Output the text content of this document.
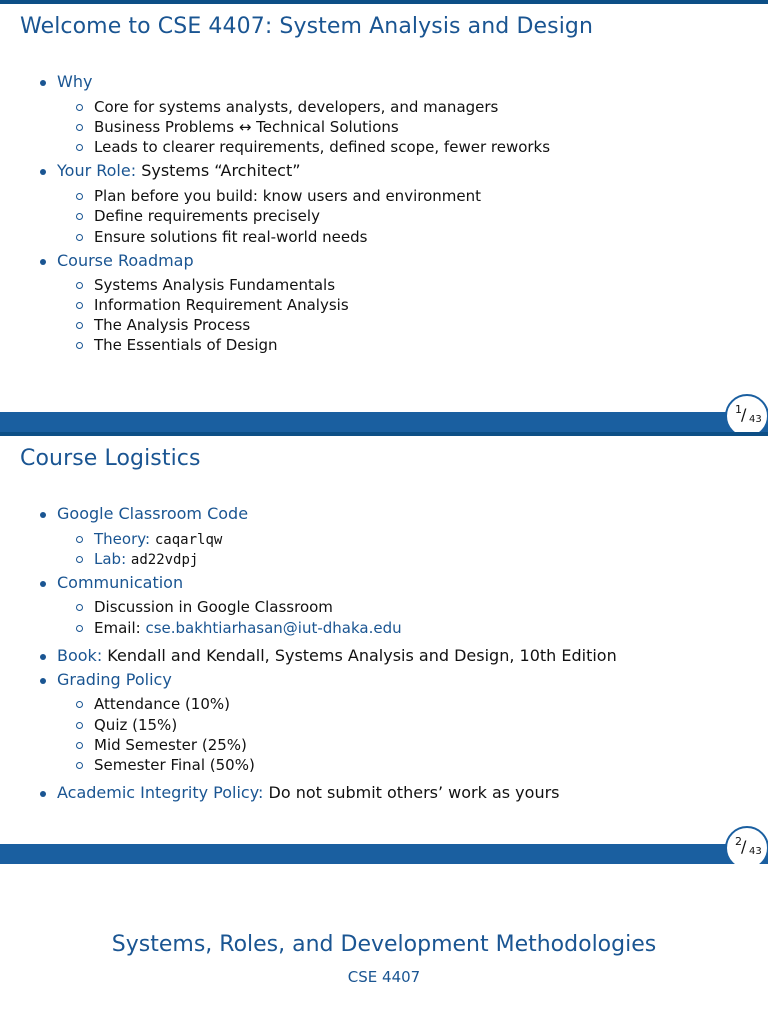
Welcome to CSE 4407: System Analysis and Design
Why
Core for systems analysts, developers, and managers
Business Problems ↔ Technical Solutions
Leads to clearer requirements, defined scope, fewer reworks
Your Role: Systems “Architect”
Plan before you build: know users and environment
Define requirements precisely
Ensure solutions fit real-world needs
Course Roadmap
Systems Analysis Fundamentals
Information Requirement Analysis
The Analysis Process
The Essentials of Design
1 / 43
Course Logistics
Google Classroom Code
Theory: caqarlqw
Lab: ad22vdpj
Communication
Discussion in Google Classroom
Email: cse.bakhtiarhasan@iut-dhaka.edu
Book: Kendall and Kendall, Systems Analysis and Design, 10th Edition
Grading Policy
Attendance (10%)
Quiz (15%)
Mid Semester (25%)
Semester Final (50%)
Academic Integrity Policy: Do not submit others’ work as yours
2 / 43
Systems, Roles, and Development Methodologies
CSE 4407
